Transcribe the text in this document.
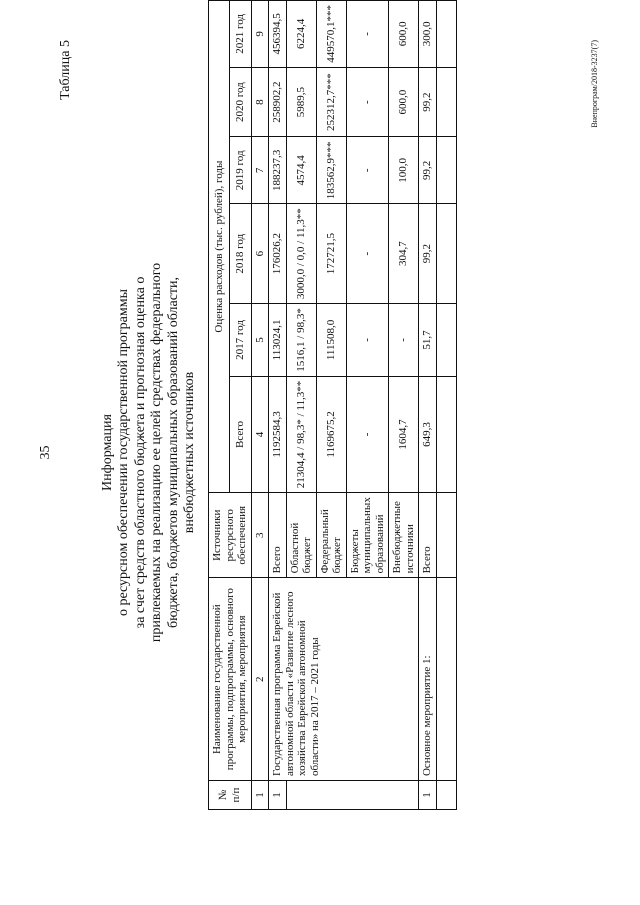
35
Таблица 5
Информация о ресурсном обеспечении государственной программы за счет средств областного бюджета и прогнозная оценка о привлекаемых на реализацию ее целей средствах федерального бюджета, бюджетов муниципальных образований области, внебюджетных источников
№ п/п	Наименование государственной программы, подпрограммы, основного мероприятия, мероприятия	Источники ресурсного обеспечения	Оценка расходов (тыс. рублей), годы					
			Всего	2017 год	2018 год	2019 год	2020 год	2021 год
1	2	3	4	5	6	7	8	9
1	Государственная программа Еврейской автономной области «Развитие лесного хозяйства Еврейской автономной области» на 2017 – 2021 годы	Всего	1192584,3	113024,1	176026,2	188237,3	258902,2	456394,5
		Областной бюджет	21304,4 / 98,3* / 11,3**	1516,1 / 98,3*	3000,0 / 0,0 / 11,3**	4574,4	5989,5	6224,4
		Федеральный бюджет	1169675,2	111508,0	172721,5	183562,9***	252312,7***	449570,1***
		Бюджеты муниципальных образований	-	-	-	-	-	-
		Внебюджетные источники	1604,7	-	304,7	100,0	600,0	600,0
1	Основное мероприятие 1:	Всего	649,3	51,7	99,2	99,2	99,2	300,0

Внепрограм/2018-3237(7)
